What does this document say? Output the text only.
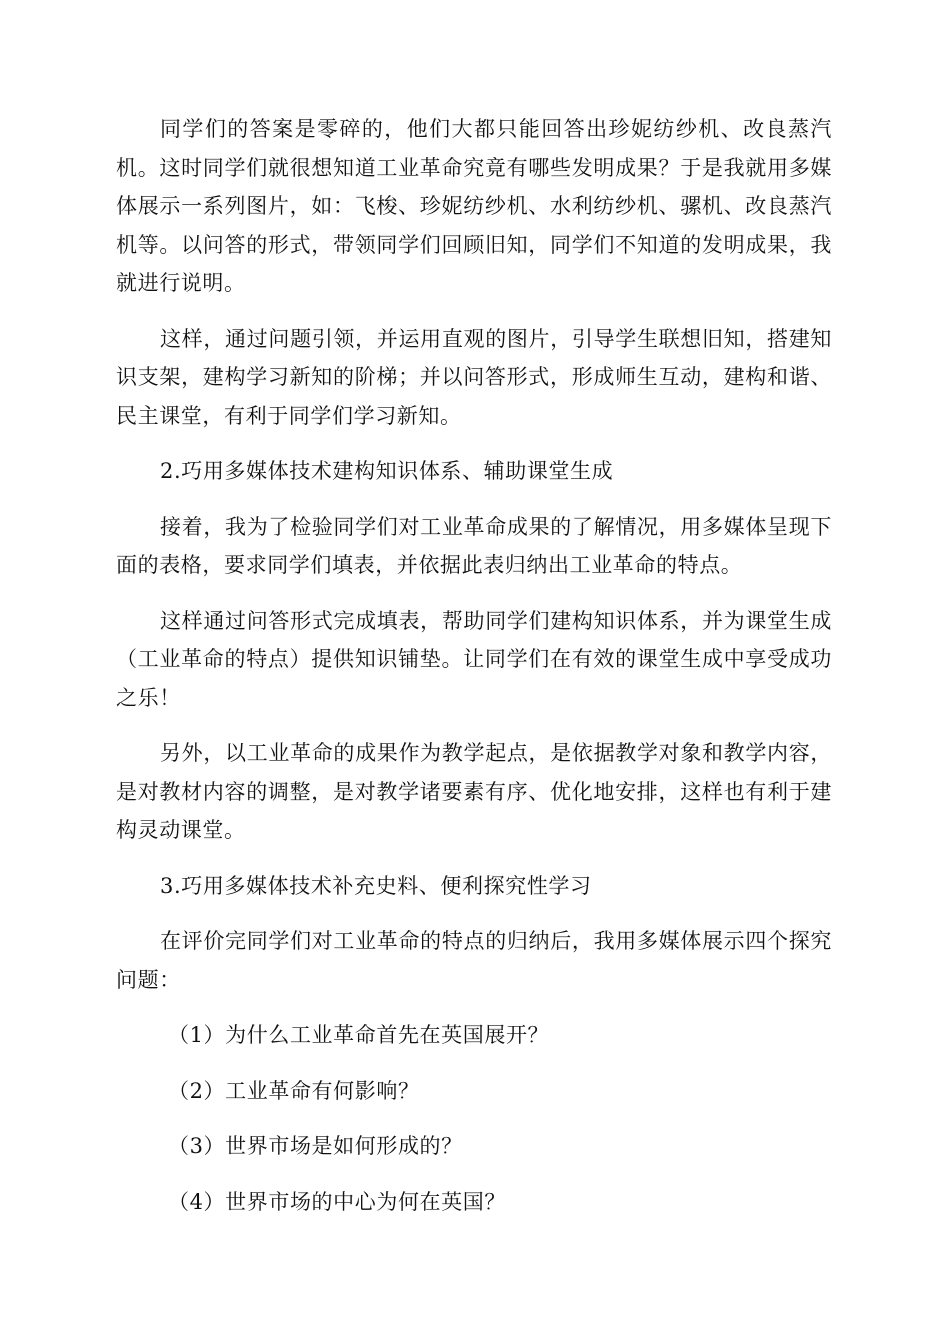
同学们的答案是零碎的，他们大都只能回答出珍妮纺纱机、改良蒸汽机。这时同学们就很想知道工业革命究竟有哪些发明成果？于是我就用多媒体展示一系列图片，如：飞梭、珍妮纺纱机、水利纺纱机、骡机、改良蒸汽机等。以问答的形式，带领同学们回顾旧知，同学们不知道的发明成果，我就进行说明。

这样，通过问题引领，并运用直观的图片，引导学生联想旧知，搭建知识支架，建构学习新知的阶梯；并以问答形式，形成师生互动，建构和谐、民主课堂，有利于同学们学习新知。

2.巧用多媒体技术建构知识体系、辅助课堂生成

接着，我为了检验同学们对工业革命成果的了解情况，用多媒体呈现下面的表格，要求同学们填表，并依据此表归纳出工业革命的特点。

这样通过问答形式完成填表，帮助同学们建构知识体系，并为课堂生成（工业革命的特点）提供知识铺垫。让同学们在有效的课堂生成中享受成功之乐！

另外，以工业革命的成果作为教学起点，是依据教学对象和教学内容，是对教材内容的调整，是对教学诸要素有序、优化地安排，这样也有利于建构灵动课堂。

3.巧用多媒体技术补充史料、便利探究性学习

在评价完同学们对工业革命的特点的归纳后，我用多媒体展示四个探究问题：

（1）为什么工业革命首先在英国展开？

（2）工业革命有何影响？

（3）世界市场是如何形成的？

（4）世界市场的中心为何在英国？
